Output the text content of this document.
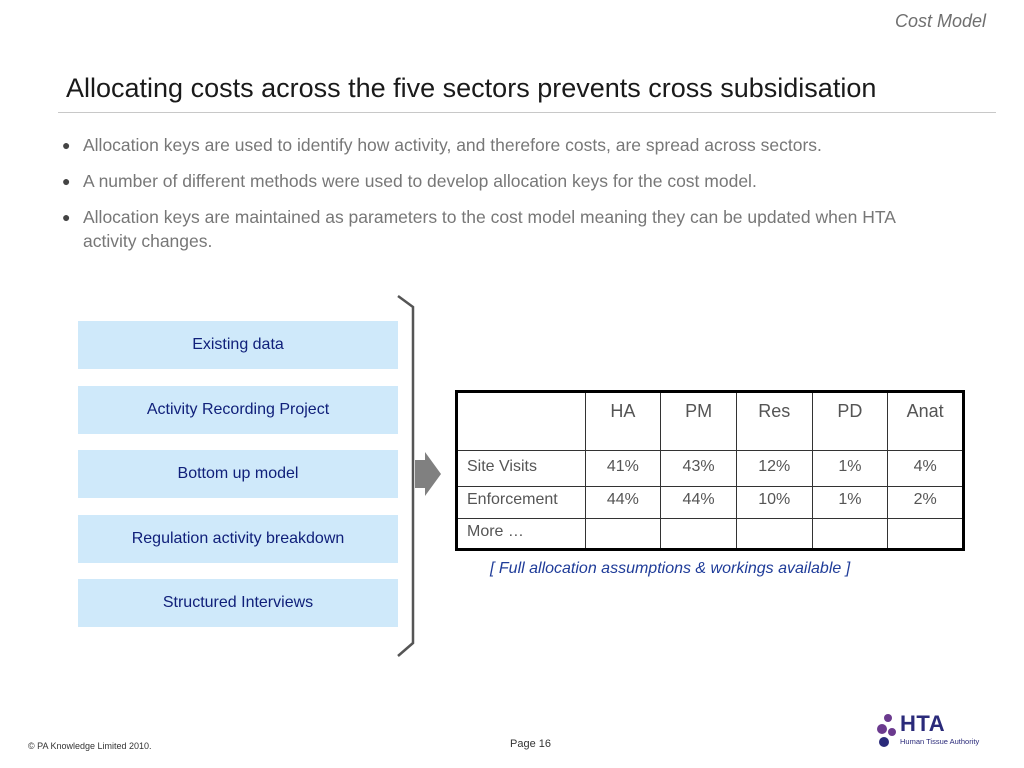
Cost Model
Allocating costs across the five sectors prevents cross subsidisation
● Allocation keys are used to identify how activity, and therefore costs, are spread across sectors.
● A number of different methods were used to develop allocation keys for the cost model.
● Allocation keys are maintained as parameters to the cost model meaning they can be updated when HTA activity changes.
Existing data
Activity Recording Project
Bottom up model
Regulation activity breakdown
Structured Interviews
	HA	PM	Res	PD	Anat
Site Visits	41%	43%	12%	1%	4%
Enforcement	44%	44%	10%	1%	2%
More …					
[ Full allocation assumptions & workings available ]
© PA Knowledge Limited 2010.	Page 16
HTA
Human Tissue Authority
